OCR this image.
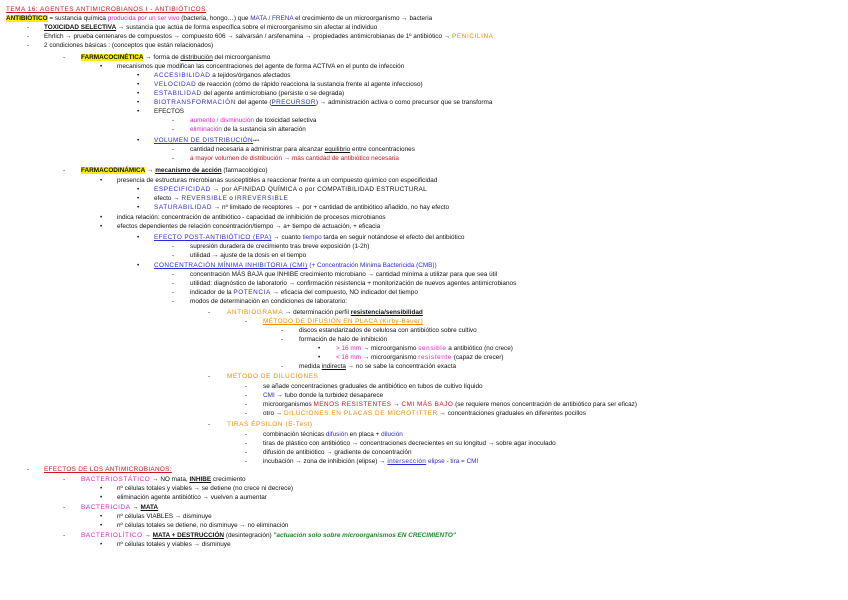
TEMA 16: AGENTES ANTIMICROBIANOS I - ANTIBIÓTICOS
ANTIBIÓTICO = sustancia química producida por un ser vivo (bacteria, hongo…) que MATA / FRENA el crecimiento de un microorganismo → bacteria
- TOXICIDAD SELECTIVA → sustancia que actúa de forma específica sobre el microorganismo sin afectar al individuo
- Ehrlich → prueba centenares de compuestos → compuesto 606 → salvarsán / arsfenamina → propiedades antimicrobianas de 1º antibiótico → PENICILINA
- 2 condiciones básicas : (conceptos que están relacionados)
- FARMACOCINÉTICA → forma de distribución del microorganismo
• mecanismos que modifican las concentraciones del agente de forma ACTIVA en el punto de infección
• ACCESIBILIDAD a tejidos/órganos afectados
• VELOCIDAD de reacción (cómo de rápido reacciona la sustancia frente al agente infeccioso)
• ESTABILIDAD del agente antimicrobiano (persiste o se degrada)
• BIOTRANSFORMACIÓN del agente (PRECURSOR) → administración activa o como precursor que se transforma
• EFECTOS
- aumento / disminución de toxicidad selectiva
- eliminación de la sustancia sin alteración
• VOLUMEN DE DISTRIBUCIÓN****
- cantidad necesaria a administrar para alcanzar equilibrio entre concentraciones
- a mayor volumen de distribución → más cantidad de antibiótico necesaria
- FARMACODINÁMICA → mecanismo de acción (farmacológico)
• presencia de estructuras microbianas susceptibles a reaccionar frente a un compuesto químico con especificidad
• ESPECIFICIDAD → por AFINIDAD QUÍMICA o por COMPATIBILIDAD ESTRUCTURAL
• efecto → REVERSIBLE o IRREVERSIBLE
• SATURABILIDAD → nº limitado de receptores → por + cantidad de antibiótico añadido, no hay efecto
• indica relación: concentración de antibiótico - capacidad de inhibición de procesos microbianos
• efectos dependientes de relación concentración/tiempo → a+ tiempo de actuación, + eficacia
• EFECTO POST-ANTIBIÓTICO (EPA) → cuanto tiempo tarda en seguir notándose el efecto del antibiótico
- supresión duradera de crecimiento tras breve exposición (1-2h)
- utilidad → ajuste de la dosis en el tiempo
• CONCENTRACIÓN MÍNIMA INHIBITORIA (CMI) (+ Concentración Mínima Bactericida (CMB))
- concentración MÁS BAJA que INHIBE crecimiento microbiano → cantidad mínima a utilizar para que sea útil
- utilidad: diagnóstico de laboratorio → confirmación resistencia + monitorización de nuevos agentes antimicrobianos
- indicador de la POTENCIA → eficacia del compuesto, NO indicador del tiempo
- modos de determinación en condiciones de laboratorio:
-	ANTIBIOGRAMA → determinación perfil resistencia/sensibilidad
- MÉTODO DE DIFUSIÓN EN PLACA (Kirby-Bauer)
- discos estandarizados de celulosa con antibiótico sobre cultivo
- formación de halo de inhibición
• > 16 mm → microorganismo sensible a antibiótico (no crece)
• < 16 mm → microorganismo resistente (capaz de crecer)
- medida indirecta → no se sabe la concentración exacta
-	MÉTODO DE DILUCIONES
- se añade concentraciones graduales de antibiótico en tubos de cultivo líquido
- CMI → tubo donde la turbidez desaparece
- microorganismos MENOS RESISTENTES → CMI MÁS BAJO (se requiere menos concentración de antibiótico para ser eficaz)
- otro → DILUCIONES EN PLACAS DE MICROTITTER → concentraciones graduales en diferentes pocillos
-	TIRAS ÉPSILON (E-Test)
- combinación técnicas difusión en placa + dilución
- tiras de plástico con antibiótico → concentraciones decrecientes en su longitud → sobre agar inoculado
- difusión de antibiótico → gradiente de concentración
- incubación → zona de inhibición (elipse) → intersección elipse - tira = CMI
- EFECTOS DE LOS ANTIMICROBIANOS:
- BACTERIOSTÁTICO → NO mata, INHIBE crecimiento
• nº células totales y viables → se detiene (no crece ni decrece)
• eliminación agente antibiótico → vuelven a aumentar
- BACTERICIDA → MATA
• nº células VIABLES → disminuye
• nº células totales se detiene, no disminuye → no eliminación
- BACTERIOLÍTICO → MATA + DESTRUCCIÓN (desintegración) "actuación solo sobre microorganismos EN CRECIMIENTO"
• nº células totales y viables → disminuye
